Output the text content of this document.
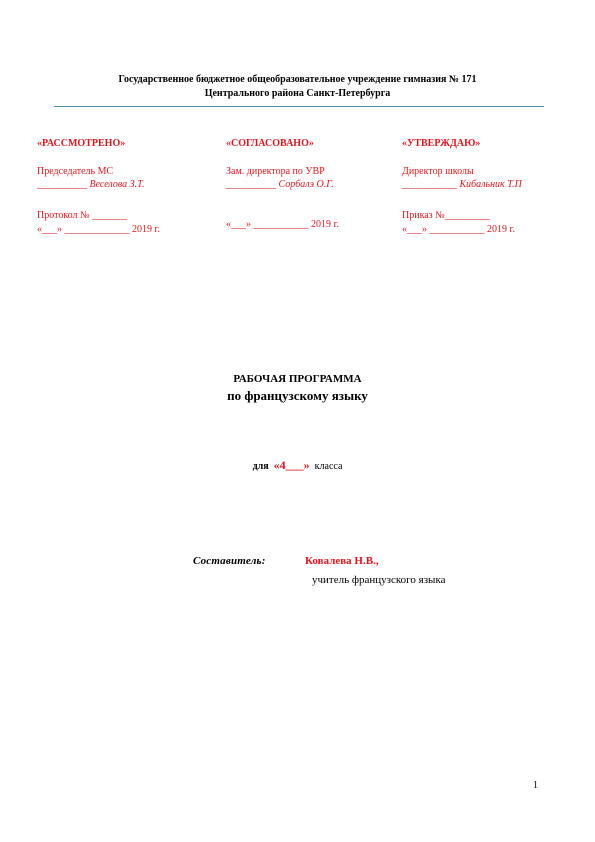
Государственное бюджетное общеобразовательное учреждение гимназия № 171
Центрального района Санкт-Петербурга
«РАССМОТРЕНО»
Председатель МС
__________ Веселова З.Т.
Протокол № _______
«___» _____________ 2019 г.
«СОГЛАСОВАНО»
Зам. директора по УВР
__________ Сорбалэ О.Г.
«___» ___________ 2019 г.
«УТВЕРЖДАЮ»
Директор школы
___________ Кибальник Т.П
Приказ №_________
«___» ___________ 2019 г.
РАБОЧАЯ ПРОГРАММА
по французскому языку
для «4___» класса
Составитель:	Ковалева Н.В.,
учитель французского языка
1
